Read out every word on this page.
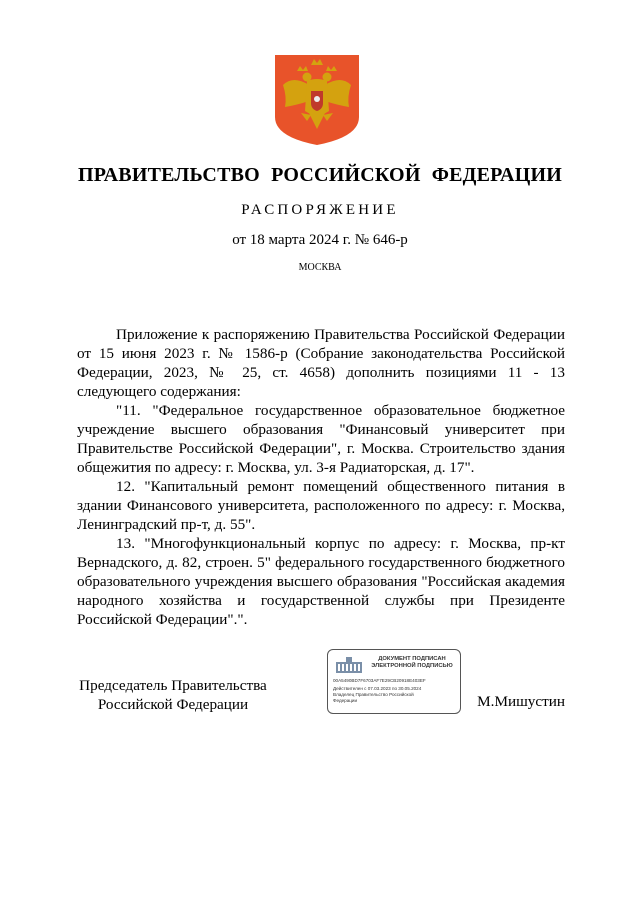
ПРАВИТЕЛЬСТВО РОССИЙСКОЙ ФЕДЕРАЦИИ
РАСПОРЯЖЕНИЕ
от 18 марта 2024 г. № 646-р
МОСКВА

Приложение к распоряжению Правительства Российской Федерации от 15 июня 2023 г. № 1586-р (Собрание законодательства Российской Федерации, 2023, № 25, ст. 4658) дополнить позициями 11 - 13 следующего содержания:

"11. "Федеральное государственное образовательное бюджетное учреждение высшего образования "Финансовый университет при Правительстве Российской Федерации", г. Москва. Строительство здания общежития по адресу: г. Москва, ул. 3-я Радиаторская, д. 17".

12. "Капитальный ремонт помещений общественного питания в здании Финансового университета, расположенного по адресу: г. Москва, Ленинградский пр-т, д. 55".

13. "Многофункциональный корпус по адресу: г. Москва, пр-кт Вернадского, д. 82, строен. 5" федерального государственного бюджетного образовательного учреждения высшего образования "Российская академия народного хозяйства и государственной службы при Президенте Российской Федерации".".

Председатель Правительства
Российской Федерации
ДОКУМЕНТ ПОДПИСАН
ЭЛЕКТРОННОЙ ПОДПИСЬЮ
00A5490BD7F6703AF7E29CB20918E403EF
Действителен с 07.03.2023 по 30.05.2024
Владелец Правительство Российской
Федерации	М.Мишустин
